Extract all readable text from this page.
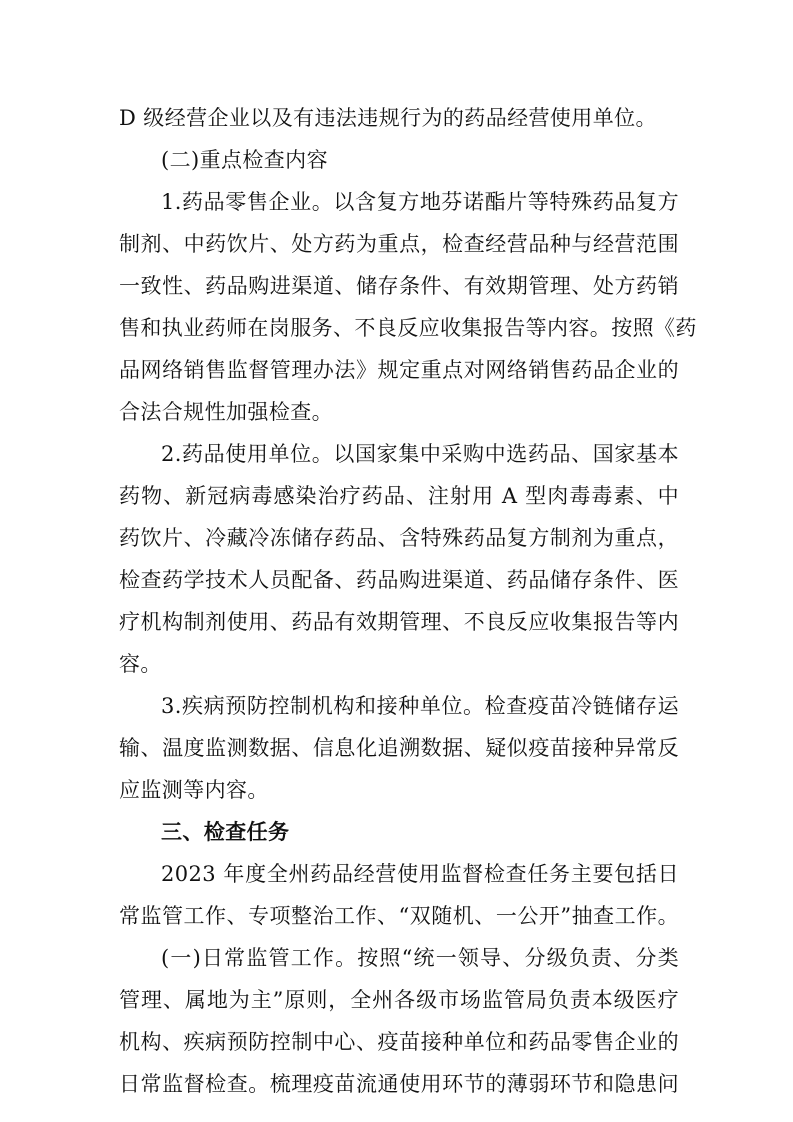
D 级经营企业以及有违法违规行为的药品经营使用单位。
(二)重点检查内容
1.药品零售企业。以含复方地芬诺酯片等特殊药品复方
制剂、中药饮片、处方药为重点，检查经营品种与经营范围
一致性、药品购进渠道、储存条件、有效期管理、处方药销
售和执业药师在岗服务、不良反应收集报告等内容。按照《药
品网络销售监督管理办法》规定重点对网络销售药品企业的
合法合规性加强检查。
2.药品使用单位。以国家集中采购中选药品、国家基本
药物、新冠病毒感染治疗药品、注射用 A 型肉毒毒素、中
药饮片、冷藏冷冻储存药品、含特殊药品复方制剂为重点，
检查药学技术人员配备、药品购进渠道、药品储存条件、医
疗机构制剂使用、药品有效期管理、不良反应收集报告等内
容。
3.疾病预防控制机构和接种单位。检查疫苗冷链储存运
输、温度监测数据、信息化追溯数据、疑似疫苗接种异常反
应监测等内容。
三、检查任务
2023 年度全州药品经营使用监督检查任务主要包括日
常监管工作、专项整治工作、“双随机、一公开”抽查工作。
(一)日常监管工作。按照“统一领导、分级负责、分类
管理、属地为主”原则，全州各级市场监管局负责本级医疗
机构、疾病预防控制中心、疫苗接种单位和药品零售企业的
日常监督检查。梳理疫苗流通使用环节的薄弱环节和隐患问
